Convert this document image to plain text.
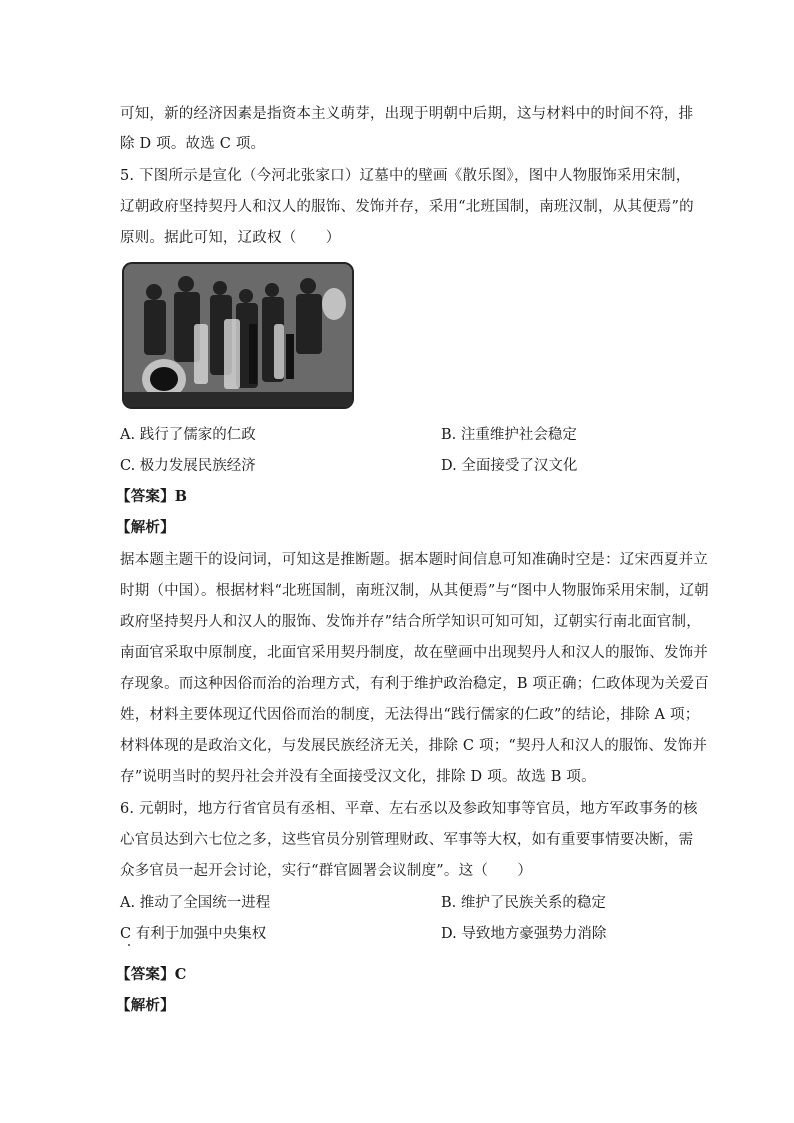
可知，新的经济因素是指资本主义萌芽，出现于明朝中后期，这与材料中的时间不符，排
除 D 项。故选 C 项。
5. 下图所示是宣化（今河北张家口）辽墓中的壁画《散乐图》，图中人物服饰采用宋制，
辽朝政府坚持契丹人和汉人的服饰、发饰并存，采用“北班国制，南班汉制，从其便焉”的
原则。据此可知，辽政权（　　）
A. 践行了儒家的仁政	B. 注重维护社会稳定
C. 极力发展民族经济	D. 全面接受了汉文化
【答案】B
【解析】
据本题主题干的设问词，可知这是推断题。据本题时间信息可知准确时空是：辽宋西夏并立
时期（中国）。根据材料“北班国制，南班汉制，从其便焉”与“图中人物服饰采用宋制，辽朝
政府坚持契丹人和汉人的服饰、发饰并存”结合所学知识可知可知，辽朝实行南北面官制，
南面官采取中原制度，北面官采用契丹制度，故在壁画中出现契丹人和汉人的服饰、发饰并
存现象。而这种因俗而治的治理方式，有利于维护政治稳定，B 项正确；仁政体现为关爱百
姓，材料主要体现辽代因俗而治的制度，无法得出“践行儒家的仁政”的结论，排除 A 项；
材料体现的是政治文化，与发展民族经济无关，排除 C 项；“契丹人和汉人的服饰、发饰并
存”说明当时的契丹社会并没有全面接受汉文化，排除 D 项。故选 B 项。
6. 元朝时，地方行省官员有丞相、平章、左右丞以及参政知事等官员，地方军政事务的核
心官员达到六七位之多，这些官员分别管理财政、军事等大权，如有重要事情要决断，需
众多官员一起开会讨论，实行“群官圆署会议制度”。这（　　）
A. 推动了全国统一进程	B. 维护了民族关系的稳定
C 有利于加强中央集权	D. 导致地方豪强势力消除
【答案】C
【解析】
